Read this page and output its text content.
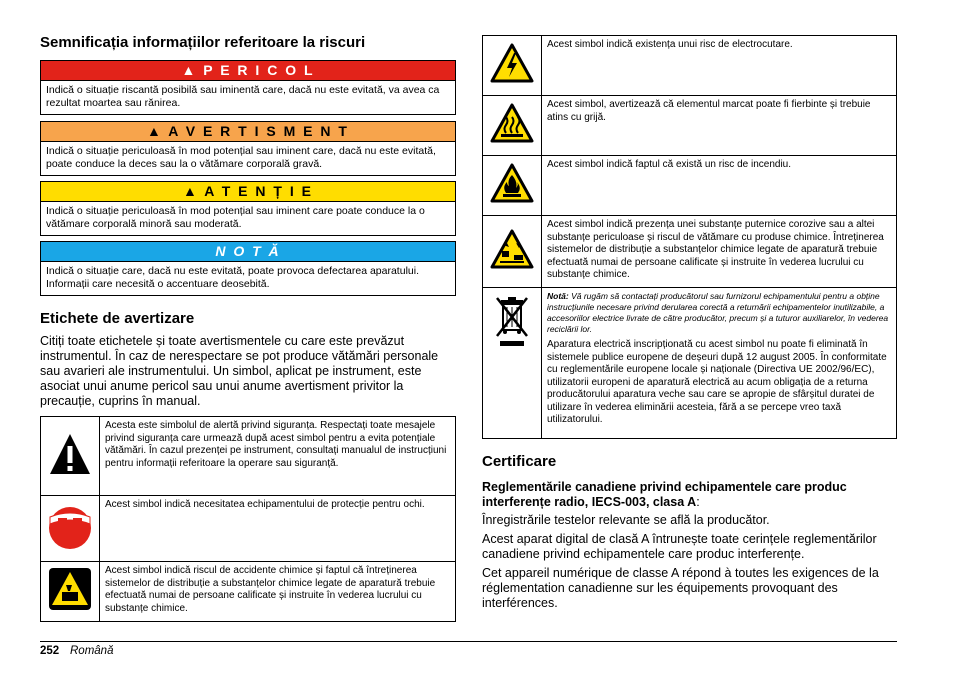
Semnificația informațiilor referitoare la riscuri
▲ P E R I C O L
Indică o situație riscantă posibilă sau iminentă care, dacă nu este evitată, va avea ca rezultat moartea sau rănirea.
▲ A V E R T I S M E N T
Indică o situație periculoasă în mod potențial sau iminent care, dacă nu este evitată, poate conduce la deces sau la o vătămare corporală gravă.
▲ A T E N Ț I E
Indică o situație periculoasă în mod potențial sau iminent care poate conduce la o vătămare corporală minoră sau moderată.
N O T Ă
Indică o situație care, dacă nu este evitată, poate provoca defectarea aparatului. Informații care necesită o accentuare deosebită.
Etichete de avertizare
Citiți toate etichetele și toate avertismentele cu care este prevăzut instrumentul. În caz de nerespectare se pot produce vătămări personale sau avarieri ale instrumentului. Un simbol, aplicat pe instrument, este asociat unui anume pericol sau unui anume avertisment privitor la precauție, cuprins în manual.
	Acesta este simbolul de alertă privind siguranța. Respectați toate mesajele privind siguranța care urmează după acest simbol pentru a evita potențiale vătămări. În cazul prezenței pe instrument, consultați manualul de instrucțiuni pentru informații referitoare la operare sau siguranță.
	Acest simbol indică necesitatea echipamentului de protecție pentru ochi.
	Acest simbol indică riscul de accidente chimice și faptul că întreținerea sistemelor de distribuție a substanțelor chimice legate de aparatură trebuie efectuată numai de persoane calificate și instruite în vederea lucrului cu substanțe chimice.
	Acest simbol indică existența unui risc de electrocutare.
	Acest simbol, avertizează că elementul marcat poate fi fierbinte și trebuie atins cu grijă.
	Acest simbol indică faptul că există un risc de incendiu.
	Acest simbol indică prezența unei substanțe puternice corozive sau a altei substanțe periculoase și riscul de vătămare cu produse chimice. Întreținerea sistemelor de distribuție a substanțelor chimice legate de aparatură trebuie efectuată numai de persoane calificate și instruite în vederea lucrului cu substanțe chimice.

Notă: Vă rugăm să contactați producătorul sau furnizorul echipamentului pentru a obține instrucțiunile necesare privind derularea corectă a returnării echipamentelor inutilizabile, a accesoriilor electrice livrate de către producător, precum și a tuturor auxiliarelor, în vederea reciclării lor.
Aparatura electrică inscripționată cu acest simbol nu poate fi eliminată în sistemele publice europene de deșeuri după 12 august 2005. În conformitate cu reglementările europene locale și naționale (Directiva UE 2002/96/EC), utilizatorii europeni de aparatură electrică au acum obligația de a returna producătorului aparatura veche sau care se apropie de sfârșitul duratei de utilizare în vederea eliminării acesteia, fără a se percepe vreo taxă utilizatorului.
Certificare
Reglementările canadiene privind echipamentele care produc interferențe radio, IECS-003, clasa A:
Înregistrările testelor relevante se află la producător.
Acest aparat digital de clasă A întrunește toate cerințele reglementărilor canadiene privind echipamentele care produc interferențe.
Cet appareil numérique de classe A répond à toutes les exigences de la réglementation canadienne sur les équipements provoquant des interférences.
252 Română
